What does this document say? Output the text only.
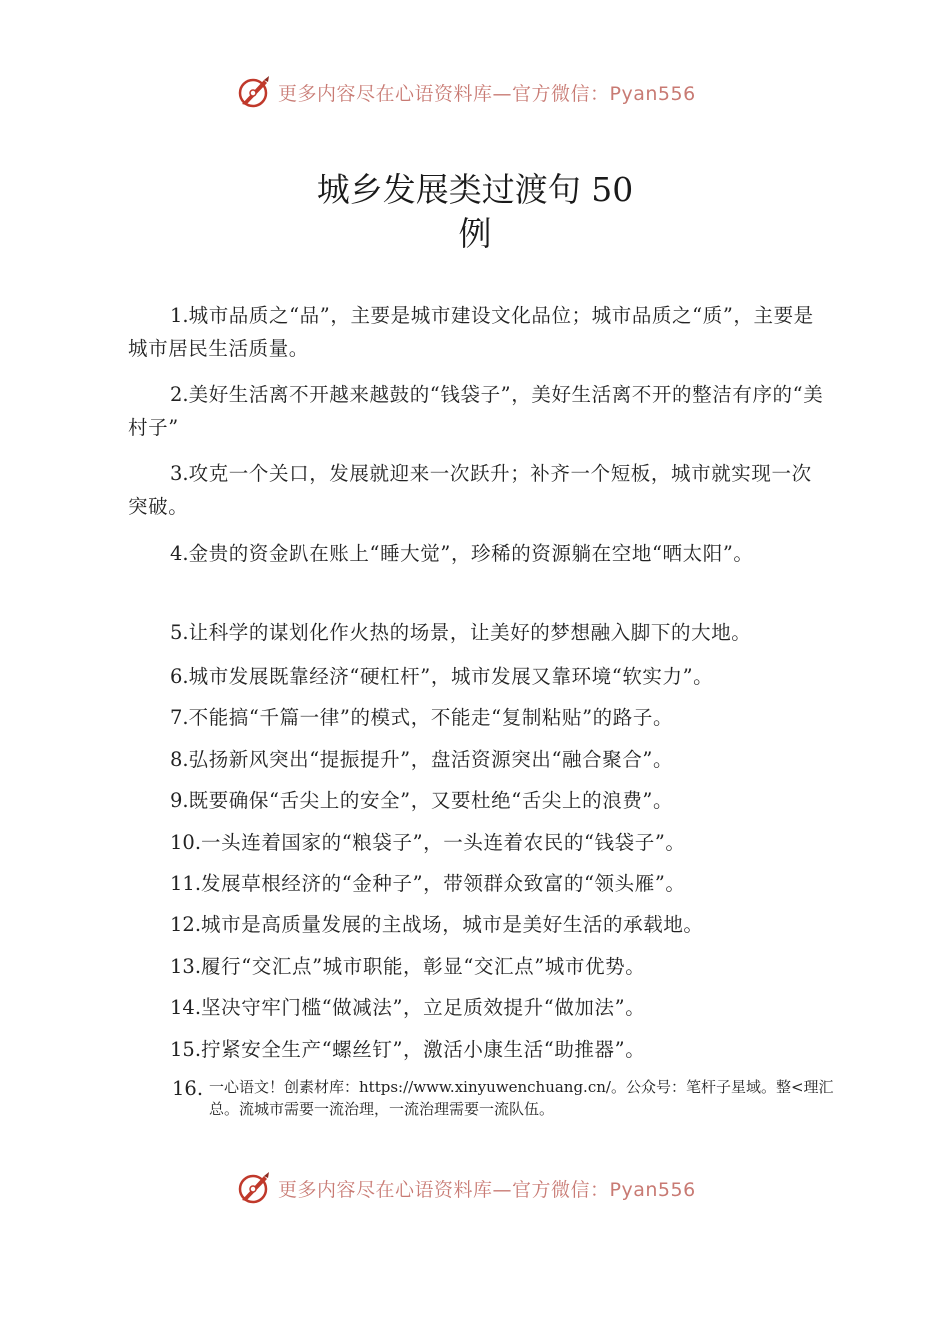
更多内容尽在心语资料库—官方微信：Pyan556
城乡发展类过渡句 50
例
1.城市品质之“品”，主要是城市建设文化品位；城市品质之“质”，主要是城市居民生活质量。
2.美好生活离不开越来越鼓的“钱袋子”，美好生活离不开的整洁有序的“美村子”
3.攻克一个关口，发展就迎来一次跃升；补齐一个短板，城市就实现一次突破。
4.金贵的资金趴在账上“睡大觉”，珍稀的资源躺在空地“晒太阳”。
5.让科学的谋划化作火热的场景，让美好的梦想融入脚下的大地。
6.城市发展既靠经济“硬杠杆”，城市发展又靠环境“软实力”。
7.不能搞“千篇一律”的模式，不能走“复制粘贴”的路子。
8.弘扬新风突出“提振提升”，盘活资源突出“融合聚合”。
9.既要确保“舌尖上的安全”，又要杜绝“舌尖上的浪费”。
10.一头连着国家的“粮袋子”，一头连着农民的“钱袋子”。
11.发展草根经济的“金种子”，带领群众致富的“领头雁”。
12.城市是高质量发展的主战场，城市是美好生活的承载地。
13.履行“交汇点”城市职能，彰显“交汇点”城市优势。
14.坚决守牢门槛“做减法”，立足质效提升“做加法”。
15.拧紧安全生产“螺丝钉”，激活小康生活“助推器”。
16. 一心语文！创素材库：https://www.xinyuwenchuang.cn/。公众号：笔杆子星域。整<理汇总。流城市需要一流治理，一流治理需要一流队伍。
更多内容尽在心语资料库—官方微信：Pyan556
